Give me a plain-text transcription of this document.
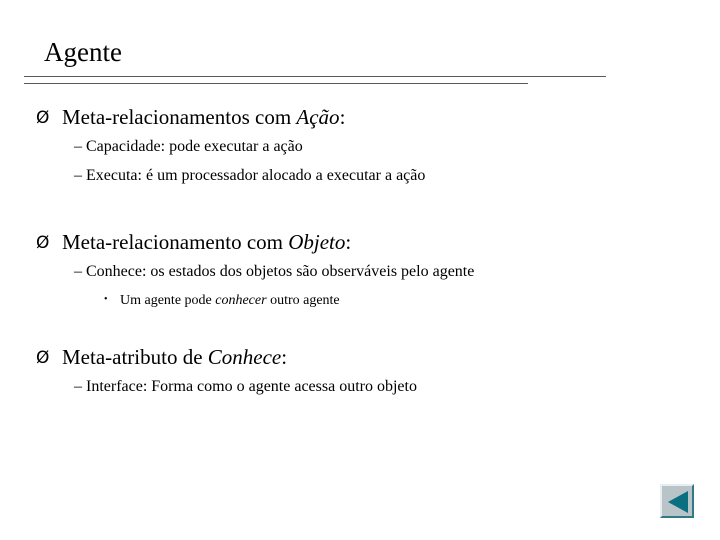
Agente
Ø Meta-relacionamentos com Ação:
– Capacidade: pode executar a ação
– Executa: é um processador alocado a executar a ação
Ø Meta-relacionamento com Objeto:
– Conhece: os estados dos objetos são observáveis pelo agente
• Um agente pode conhecer outro agente
Ø Meta-atributo de Conhece:
– Interface: Forma como o agente acessa outro objeto
